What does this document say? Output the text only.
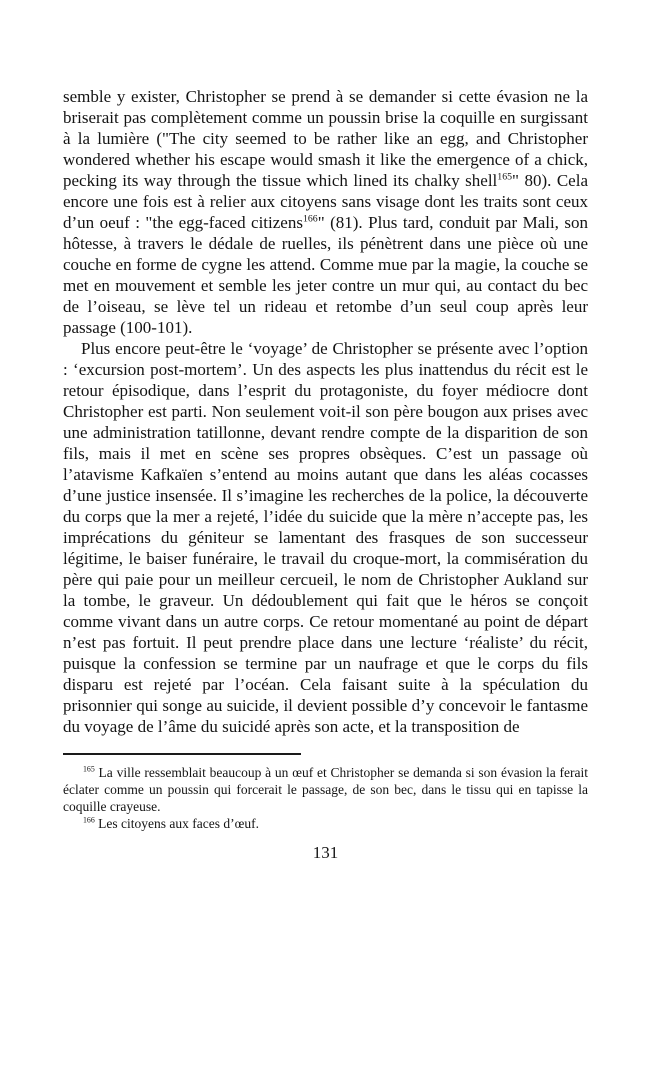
semble y exister, Christopher se prend à se demander si cette évasion ne la briserait pas complètement comme un poussin brise la coquille en surgissant à la lumière ("The city seemed to be rather like an egg, and Christopher wondered whether his escape would smash it like the emergence of a chick, pecking its way through the tissue which lined its chalky shell$^{165}$" 80). Cela encore une fois est à relier aux citoyens sans visage dont les traits sont ceux d’un oeuf : "the egg-faced citizens$^{166}$" (81). Plus tard, conduit par Mali, son hôtesse, à travers le dédale de ruelles, ils pénètrent dans une pièce où une couche en forme de cygne les attend. Comme mue par la magie, la couche se met en mouvement et semble les jeter contre un mur qui, au contact du bec de l’oiseau, se lève tel un rideau et retombe d’un seul coup après leur passage (100-101).

Plus encore peut-être le ‘voyage’ de Christopher se présente avec l’option : ‘excursion post-mortem’. Un des aspects les plus inattendus du récit est le retour épisodique, dans l’esprit du protagoniste, du foyer médiocre dont Christopher est parti. Non seulement voit-il son père bougon aux prises avec une administration tatillonne, devant rendre compte de la disparition de son fils, mais il met en scène ses propres obsèques. C’est un passage où l’atavisme Kafkaïen s’entend au moins autant que dans les aléas cocasses d’une justice insensée. Il s’imagine les recherches de la police, la découverte du corps que la mer a rejeté, l’idée du suicide que la mère n’accepte pas, les imprécations du géniteur se lamentant des frasques de son successeur légitime, le baiser funéraire, le travail du croque-mort, la commisération du père qui paie pour un meilleur cercueil, le nom de Christopher Aukland sur la tombe, le graveur. Un dédoublement qui fait que le héros se conçoit comme vivant dans un autre corps. Ce retour momentané au point de départ n’est pas fortuit. Il peut prendre place dans une lecture ‘réaliste’ du récit, puisque la confession se termine par un naufrage et que le corps du fils disparu est rejeté par l’océan. Cela faisant suite à la spéculation du prisonnier qui songe au suicide, il devient possible d’y concevoir le fantasme du voyage de l’âme du suicidé après son acte, et la transposition de

$^{165}$ La ville ressemblait beaucoup à un œuf et Christopher se demanda si son évasion la ferait éclater comme un poussin qui forcerait le passage, de son bec, dans le tissu qui en tapisse la coquille crayeuse.

$^{166}$ Les citoyens aux faces d’œuf.

131
